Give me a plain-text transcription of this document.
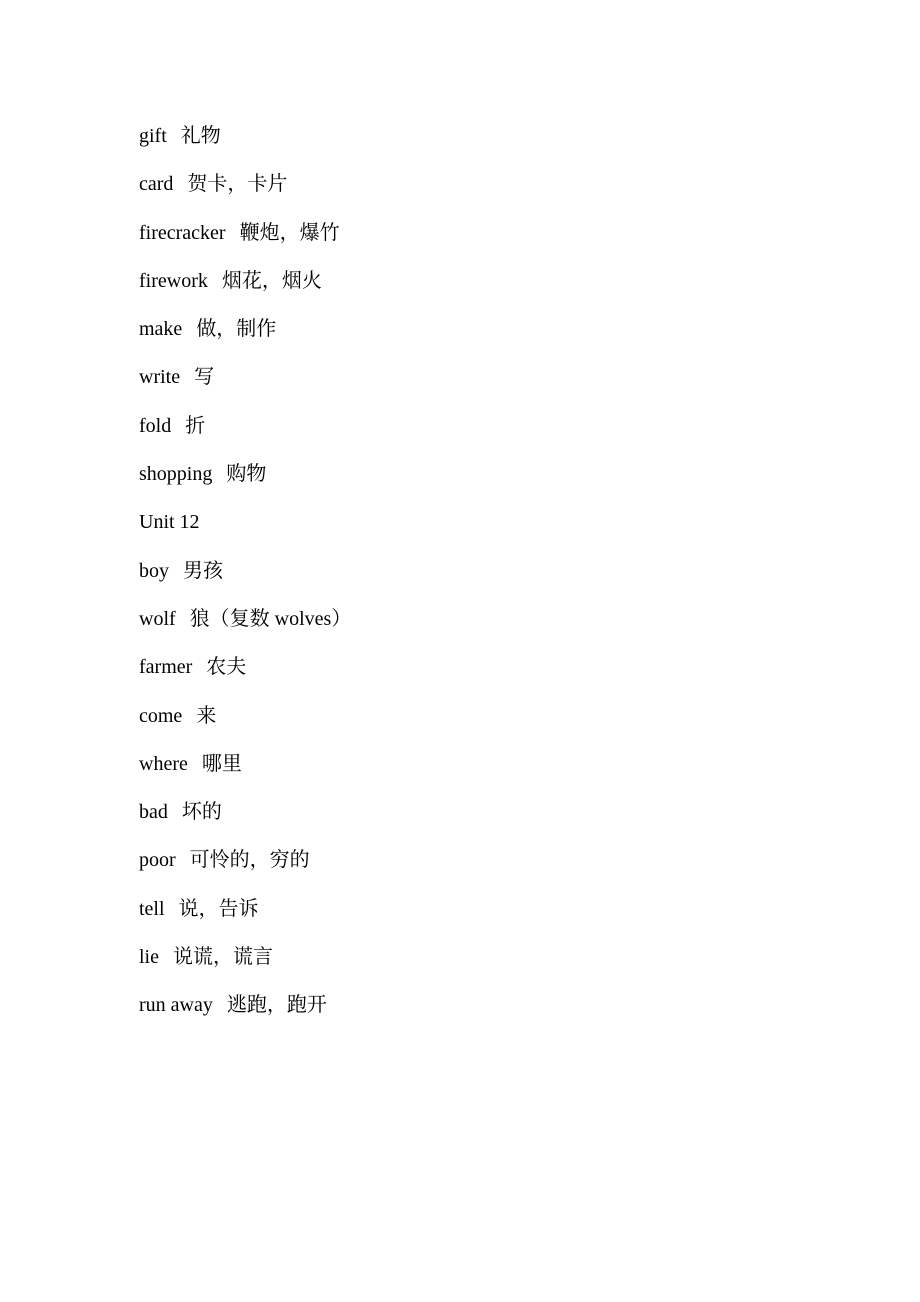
gift 礼物
card 贺卡，卡片
firecracker 鞭炮，爆竹
firework 烟花，烟火
make 做，制作
write 写
fold 折
shopping 购物
Unit 12
boy 男孩
wolf 狼（复数 wolves）
farmer 农夫
come 来
where 哪里
bad 坏的
poor 可怜的，穷的
tell 说，告诉
lie 说谎，谎言
run away 逃跑，跑开
